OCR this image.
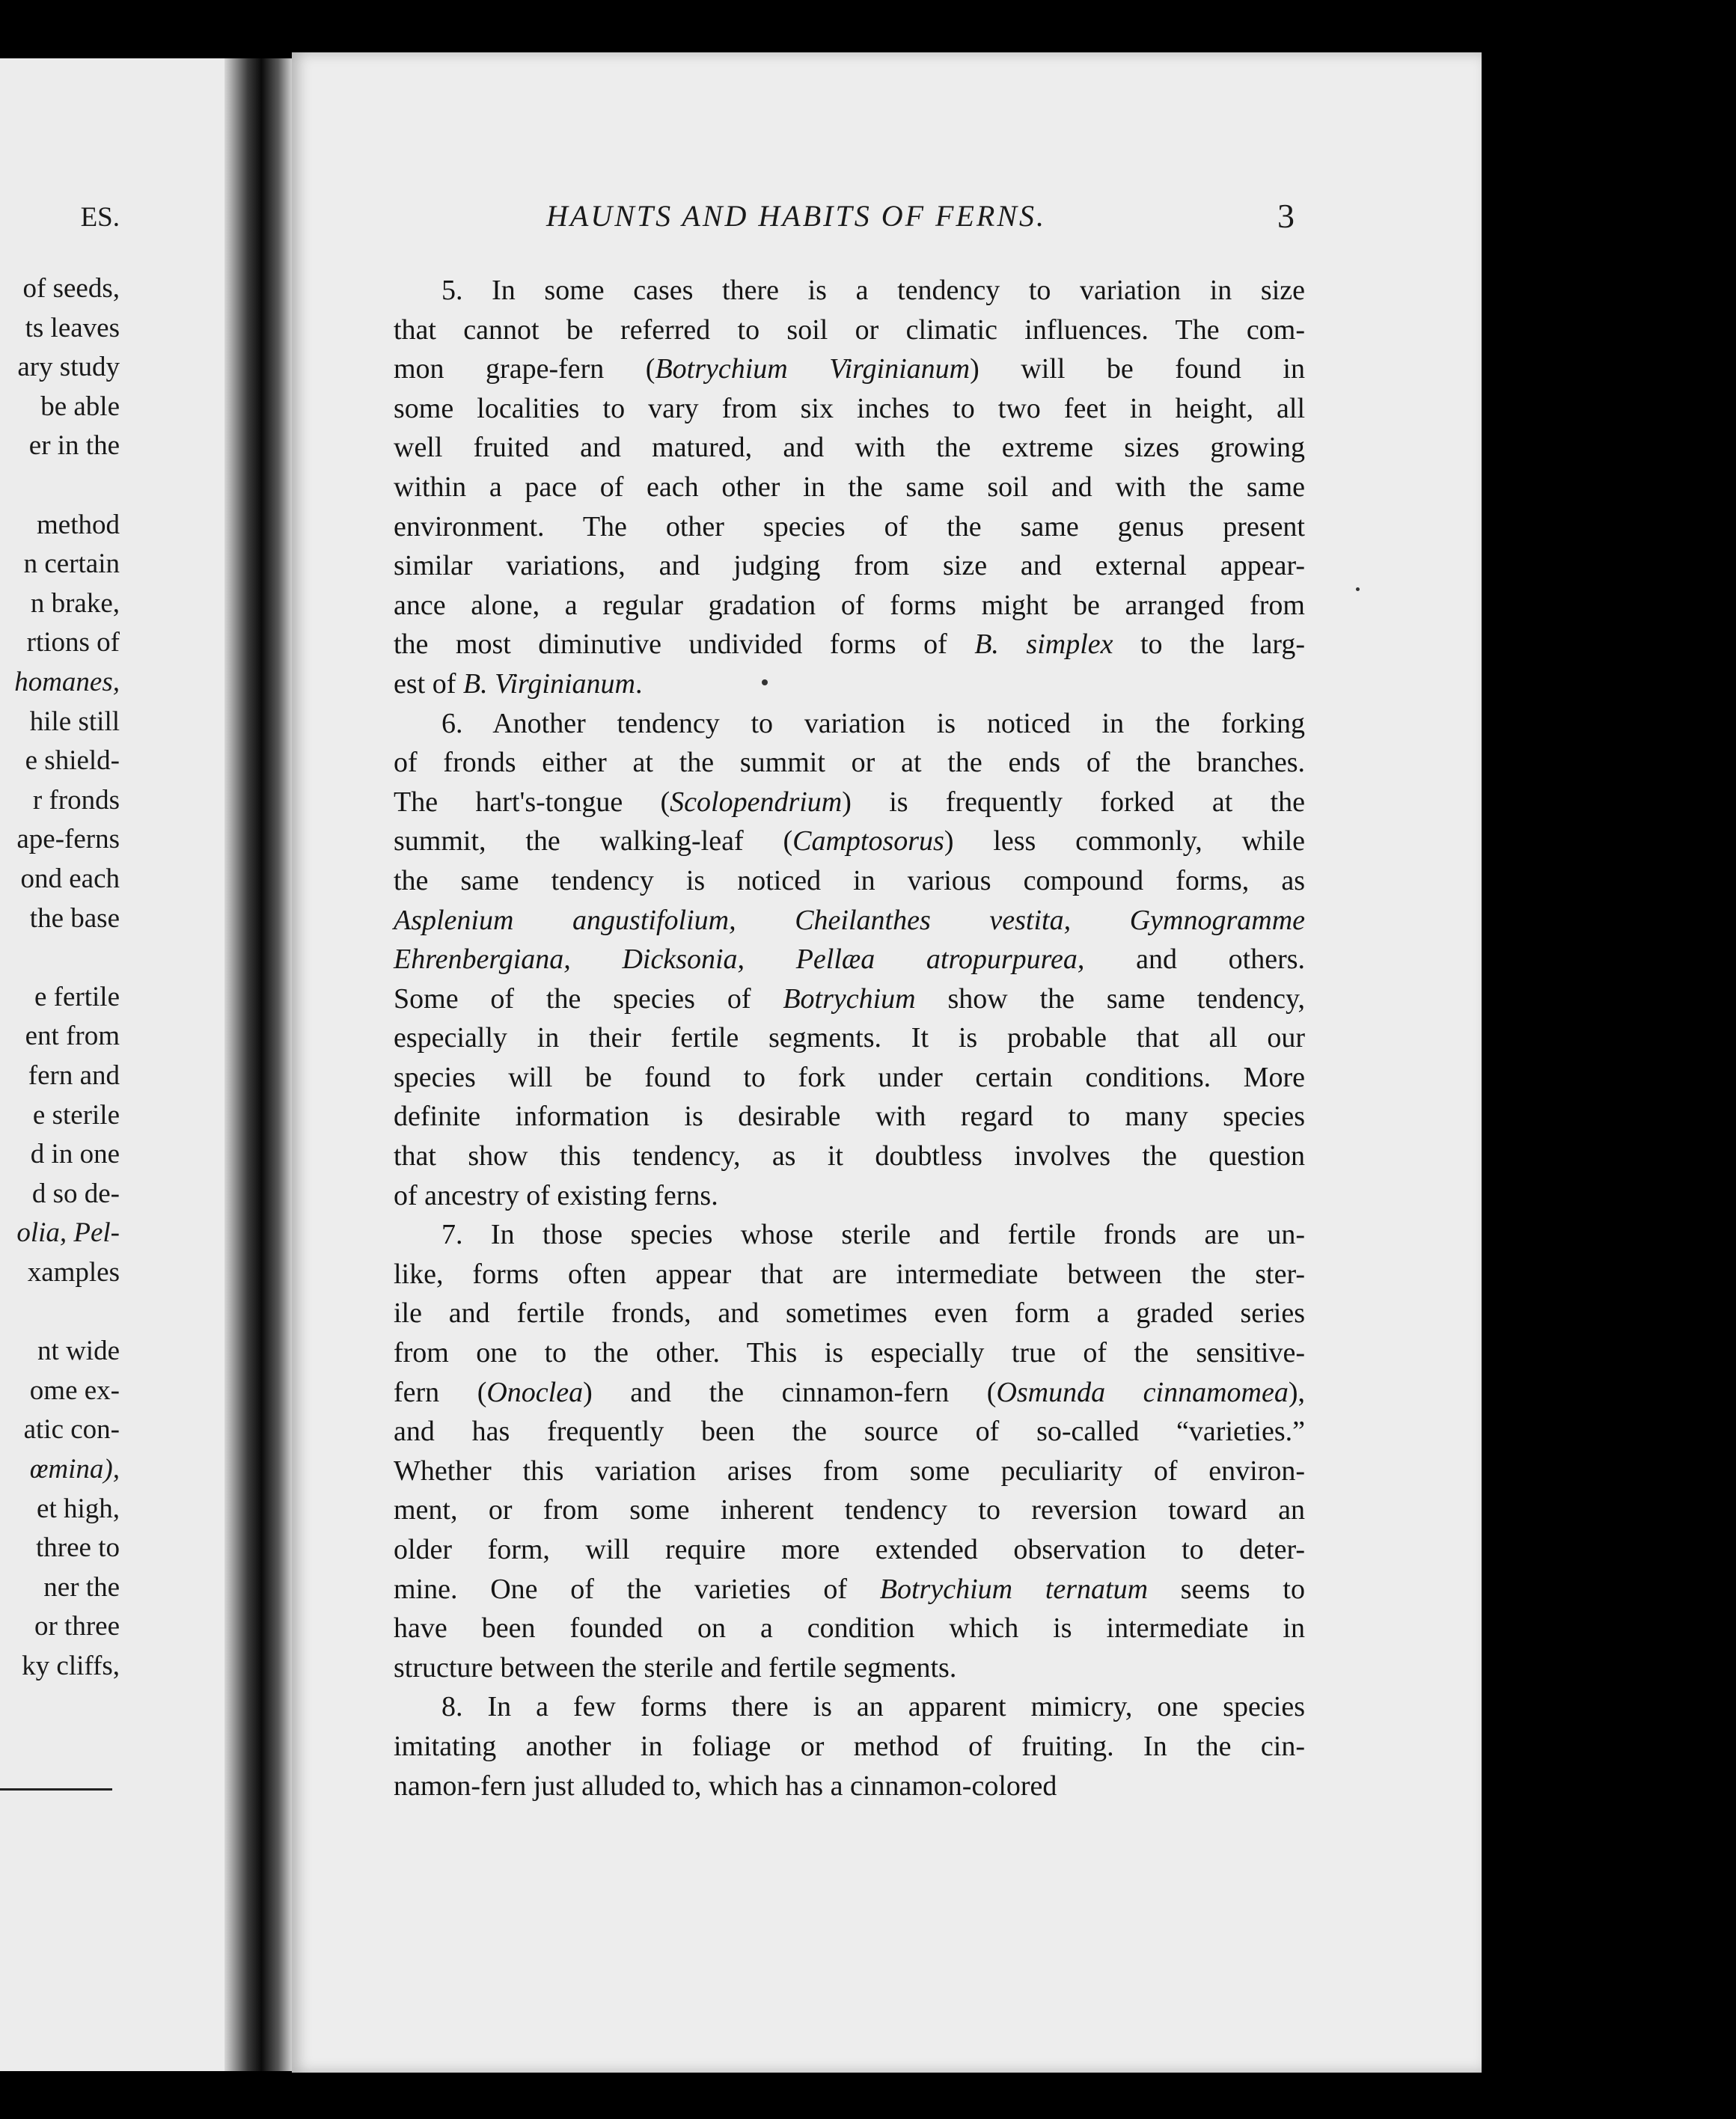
ES.
of seeds,
ts leaves
ary study
be able
er in the
method
n certain
n brake,
rtions of
homanes,
hile still
e shield-
r fronds
ape-ferns
ond each
the base
e fertile
ent from
fern and
e sterile
d in one
d so de-
olia, Pel-
xamples
nt wide
ome ex-
atic con-
œmina),
et high,
three to
ner the
or three
ky cliffs,
HAUNTS AND HABITS OF FERNS.	3
5. In some cases there is a tendency to variation in size
that cannot be referred to soil or climatic influences. The com-
mon grape-fern (Botrychium Virginianum) will be found in
some localities to vary from six inches to two feet in height, all
well fruited and matured, and with the extreme sizes growing
within a pace of each other in the same soil and with the same
environment. The other species of the same genus present
similar variations, and judging from size and external appear-
ance alone, a regular gradation of forms might be arranged from
the most diminutive undivided forms of B. simplex to the larg-
est of B. Virginianum.
6. Another tendency to variation is noticed in the forking
of fronds either at the summit or at the ends of the branches.
The hart's-tongue (Scolopendrium) is frequently forked at the
summit, the walking-leaf (Camptosorus) less commonly, while
the same tendency is noticed in various compound forms, as
Asplenium angustifolium, Cheilanthes vestita, Gymnogramme
Ehrenbergiana, Dicksonia, Pellæa atropurpurea, and others.
Some of the species of Botrychium show the same tendency,
especially in their fertile segments. It is probable that all our
species will be found to fork under certain conditions. More
definite information is desirable with regard to many species
that show this tendency, as it doubtless involves the question
of ancestry of existing ferns.
7. In those species whose sterile and fertile fronds are un-
like, forms often appear that are intermediate between the ster-
ile and fertile fronds, and sometimes even form a graded series
from one to the other. This is especially true of the sensitive-
fern (Onoclea) and the cinnamon-fern (Osmunda cinnamomea),
and has frequently been the source of so-called “varieties.”
Whether this variation arises from some peculiarity of environ-
ment, or from some inherent tendency to reversion toward an
older form, will require more extended observation to deter-
mine. One of the varieties of Botrychium ternatum seems to
have been founded on a condition which is intermediate in
structure between the sterile and fertile segments.
8. In a few forms there is an apparent mimicry, one species
imitating another in foliage or method of fruiting. In the cin-
namon-fern just alluded to, which has a cinnamon-colored
